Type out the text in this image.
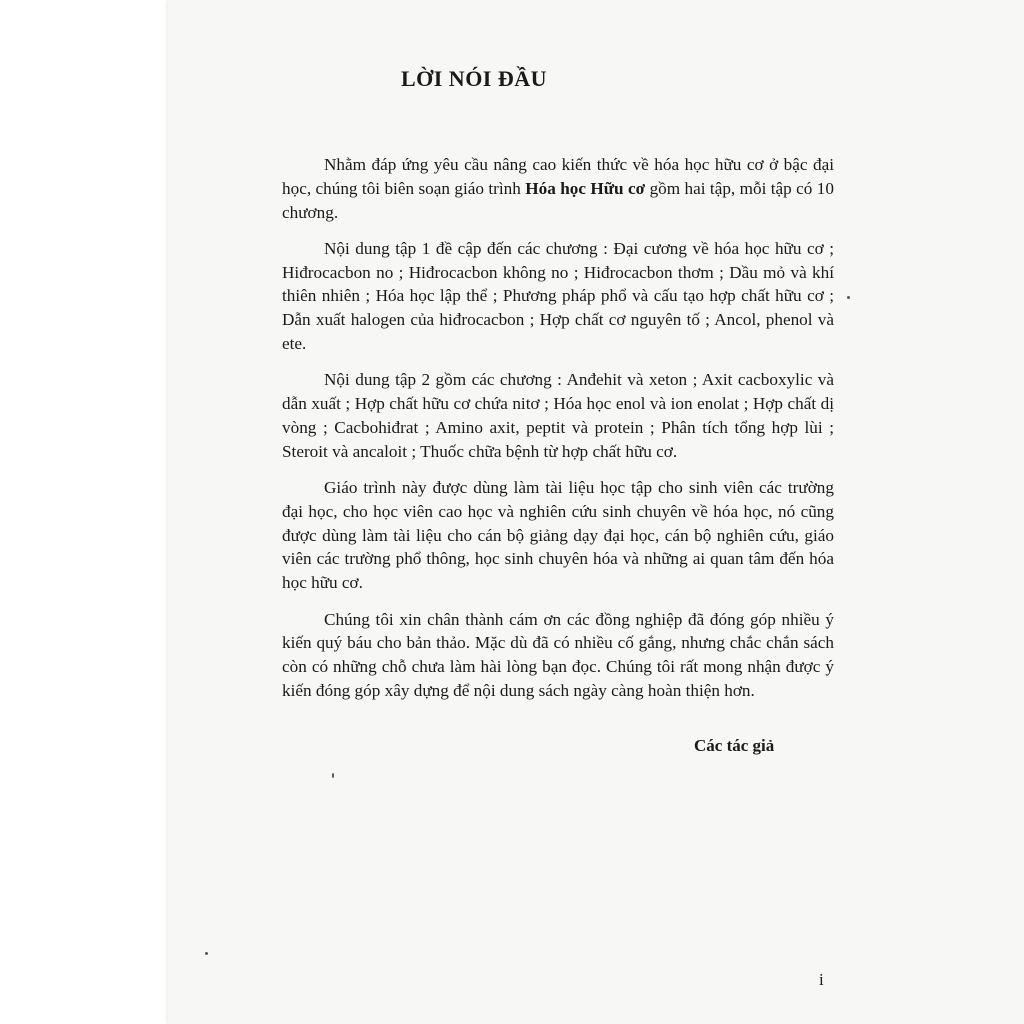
LỜI NÓI ĐẦU

Nhằm đáp ứng yêu cầu nâng cao kiến thức về hóa học hữu cơ ở bậc đại học, chúng tôi biên soạn giáo trình Hóa học Hữu cơ gồm hai tập, mỗi tập có 10 chương.

Nội dung tập 1 đề cập đến các chương : Đại cương về hóa học hữu cơ ; Hiđrocacbon no ; Hiđrocacbon không no ; Hiđrocacbon thơm ; Dầu mỏ và khí thiên nhiên ; Hóa học lập thể ; Phương pháp phổ và cấu tạo hợp chất hữu cơ ; Dẫn xuất halogen của hiđrocacbon ; Hợp chất cơ nguyên tố ; Ancol, phenol và ete.

Nội dung tập 2 gồm các chương : Anđehit và xeton ; Axit cacboxylic và dẫn xuất ; Hợp chất hữu cơ chứa nitơ ; Hóa học enol và ion enolat ; Hợp chất dị vòng ; Cacbohiđrat ; Amino axit, peptit và protein ; Phân tích tổng hợp lùi ; Steroit và ancaloit ; Thuốc chữa bệnh từ hợp chất hữu cơ.

Giáo trình này được dùng làm tài liệu học tập cho sinh viên các trường đại học, cho học viên cao học và nghiên cứu sinh chuyên về hóa học, nó cũng được dùng làm tài liệu cho cán bộ giảng dạy đại học, cán bộ nghiên cứu, giáo viên các trường phổ thông, học sinh chuyên hóa và những ai quan tâm đến hóa học hữu cơ.

Chúng tôi xin chân thành cám ơn các đồng nghiệp đã đóng góp nhiều ý kiến quý báu cho bản thảo. Mặc dù đã có nhiều cố gắng, nhưng chắc chắn sách còn có những chỗ chưa làm hài lòng bạn đọc. Chúng tôi rất mong nhận được ý kiến đóng góp xây dựng để nội dung sách ngày càng hoàn thiện hơn.

Các tác giả
i
